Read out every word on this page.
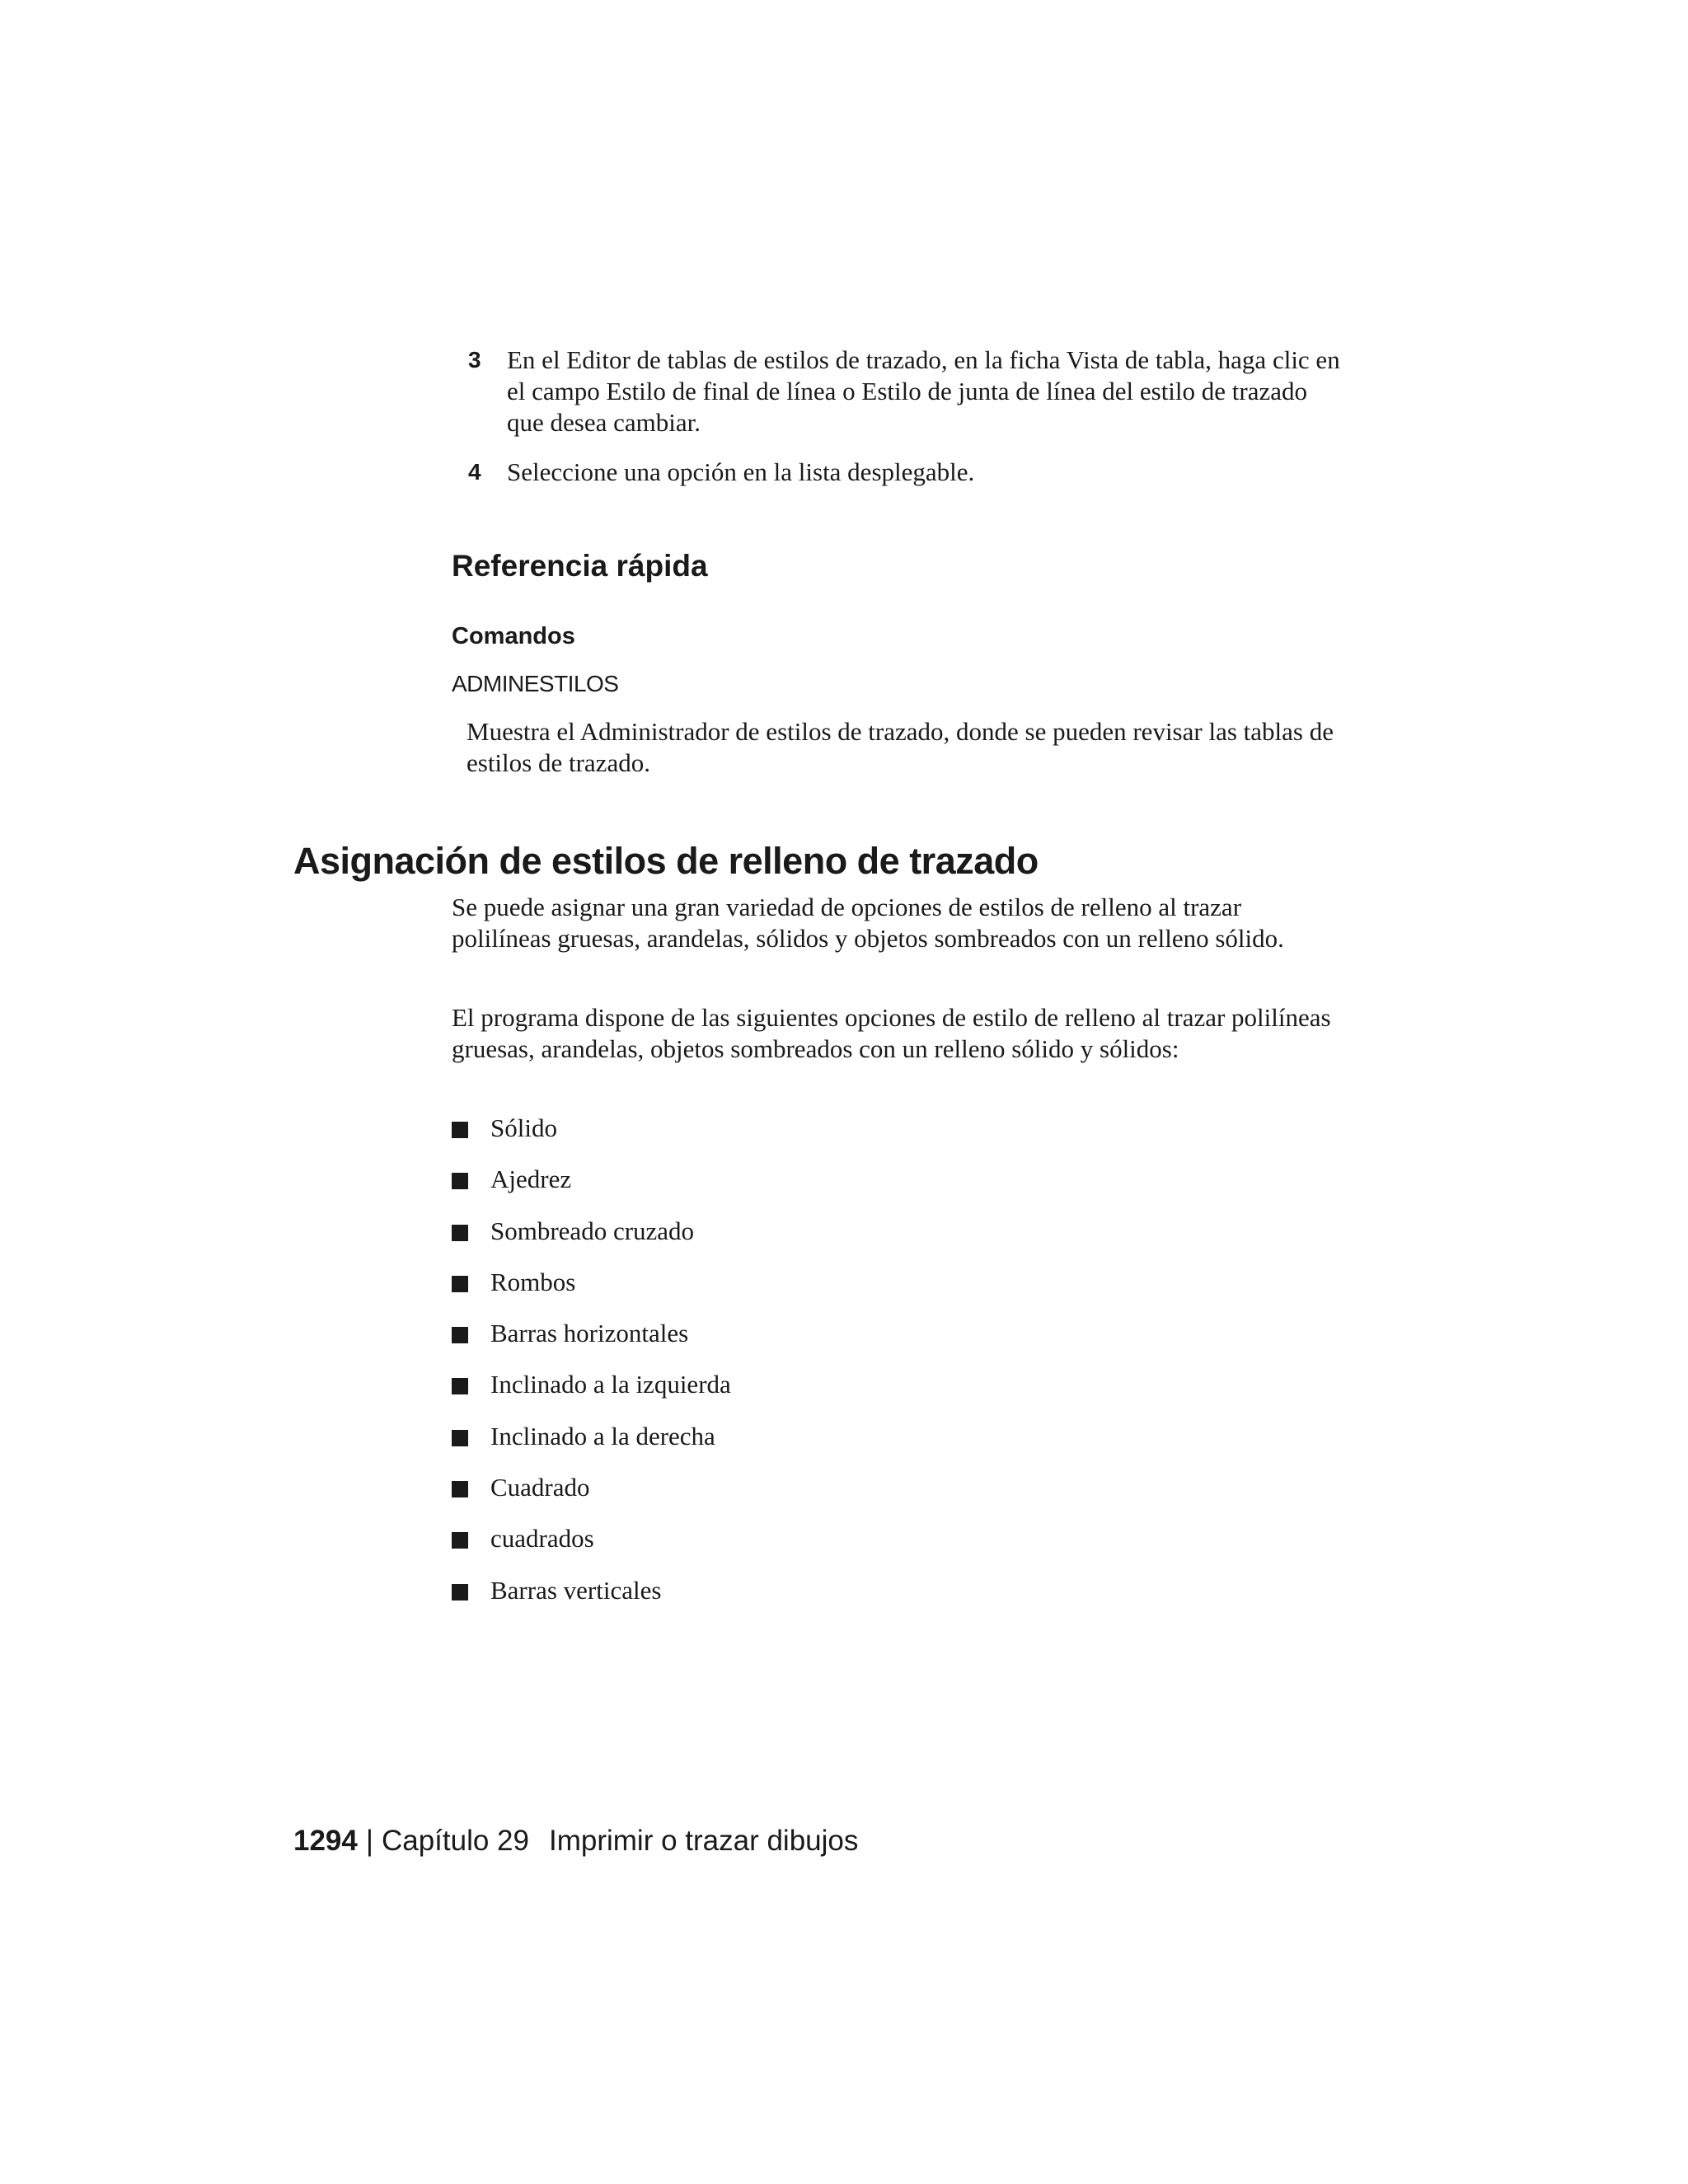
3	En el Editor de tablas de estilos de trazado, en la ficha Vista de tabla, haga clic en el campo Estilo de final de línea o Estilo de junta de línea del estilo de trazado que desea cambiar.
4	Seleccione una opción en la lista desplegable.
Referencia rápida
Comandos
ADMINESTILOS
Muestra el Administrador de estilos de trazado, donde se pueden revisar las tablas de estilos de trazado.
Asignación de estilos de relleno de trazado
Se puede asignar una gran variedad de opciones de estilos de relleno al trazar polilíneas gruesas, arandelas, sólidos y objetos sombreados con un relleno sólido.
El programa dispone de las siguientes opciones de estilo de relleno al trazar polilíneas gruesas, arandelas, objetos sombreados con un relleno sólido y sólidos:
Sólido
Ajedrez
Sombreado cruzado
Rombos
Barras horizontales
Inclinado a la izquierda
Inclinado a la derecha
Cuadrado
cuadrados
Barras verticales
1294 | Capítulo 29 Imprimir o trazar dibujos
